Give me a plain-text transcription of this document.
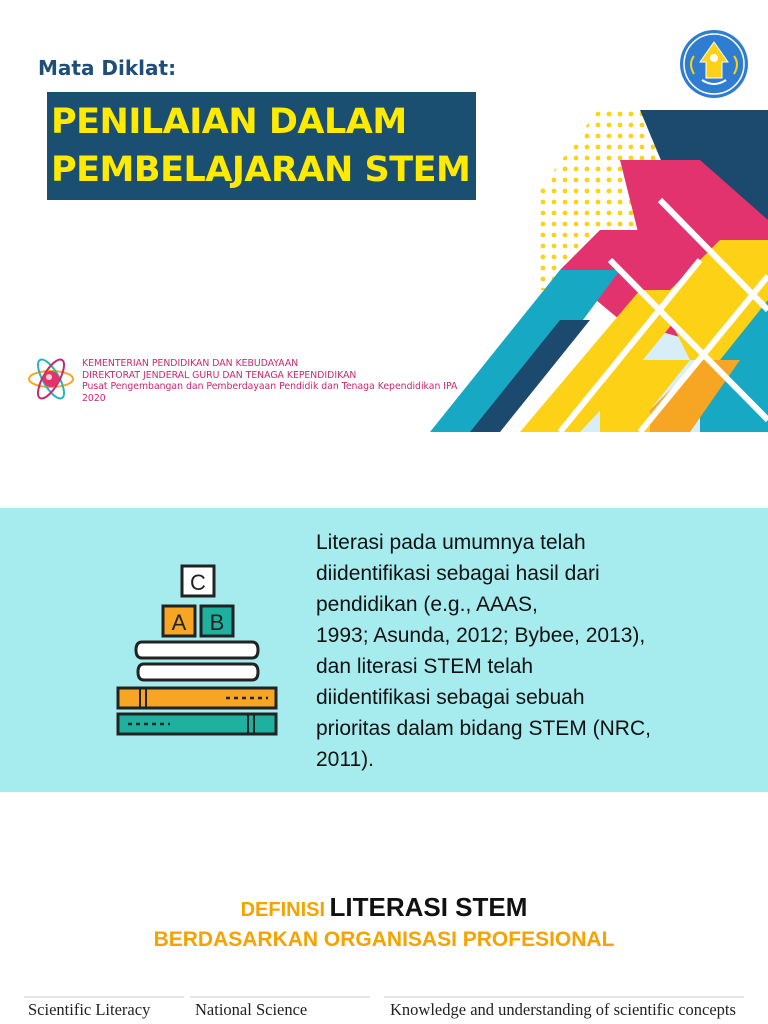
Mata Diklat:
PENILAIAN DALAM
PEMBELAJARAN STEM
KEMENTERIAN PENDIDIKAN DAN KEBUDAYAAN
DIREKTORAT JENDERAL GURU DAN TENAGA KEPENDIDIKAN
Pusat Pengembangan dan Pemberdayaan Pendidik dan Tenaga Kependidikan IPA
2020
C
A B
Literasi pada umumnya telah
diidentifikasi sebagai hasil dari
pendidikan (e.g., AAAS,
1993; Asunda, 2012; Bybee, 2013),
dan literasi STEM telah
diidentifikasi sebagai sebuah
prioritas dalam bidang STEM (NRC,
2011).
DEFINISI LITERASI STEM
BERDASARKAN ORGANISASI PROFESIONAL
Scientific Literacy	National Science	Knowledge and understanding of scientific concepts
